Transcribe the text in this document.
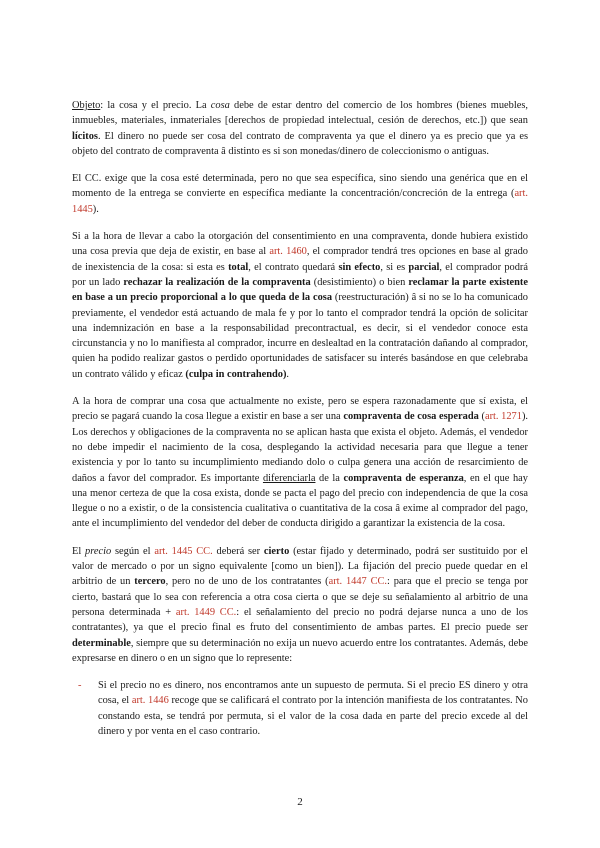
Objeto: la cosa y el precio. La cosa debe de estar dentro del comercio de los hombres (bienes muebles, inmuebles, materiales, inmateriales [derechos de propiedad intelectual, cesión de derechos, etc.]) que sean lícitos. El dinero no puede ser cosa del contrato de compraventa ya que el dinero ya es precio que ya es objeto del contrato de compraventa â distinto es si son monedas/dinero de coleccionismo o antiguas.

El CC. exige que la cosa esté determinada, pero no que sea específica, sino siendo una genérica que en el momento de la entrega se convierte en específica mediante la concentración/concreción de la entrega (art. 1445).

Si a la hora de llevar a cabo la otorgación del consentimiento en una compraventa, donde hubiera existido una cosa previa que deja de existir, en base al art. 1460, el comprador tendrá tres opciones en base al grado de inexistencia de la cosa: si esta es total, el contrato quedará sin efecto, si es parcial, el comprador podrá por un lado rechazar la realización de la compraventa (desistimiento) o bien reclamar la parte existente en base a un precio proporcional a lo que queda de la cosa (reestructuración) â si no se lo ha comunicado previamente, el vendedor está actuando de mala fe y por lo tanto el comprador tendrá la opción de solicitar una indemnización en base a la responsabilidad precontractual, es decir, si el vendedor conoce esta circunstancia y no lo manifiesta al comprador, incurre en deslealtad en la contratación dañando al comprador, quien ha podido realizar gastos o perdido oportunidades de satisfacer su interés basándose en que celebraba un contrato válido y eficaz (culpa in contrahendo).

A la hora de comprar una cosa que actualmente no existe, pero se espera razonadamente que sí exista, el precio se pagará cuando la cosa llegue a existir en base a ser una compraventa de cosa esperada (art. 1271). Los derechos y obligaciones de la compraventa no se aplican hasta que exista el objeto. Además, el vendedor no debe impedir el nacimiento de la cosa, desplegando la actividad necesaria para que llegue a tener existencia y por lo tanto su incumplimiento mediando dolo o culpa genera una acción de resarcimiento de daños a favor del comprador. Es importante diferenciarla de la compraventa de esperanza, en el que hay una menor certeza de que la cosa exista, donde se pacta el pago del precio con independencia de que la cosa llegue o no a existir, o de la consistencia cualitativa o cuantitativa de la cosa â exime al comprador del pago, ante el incumplimiento del vendedor del deber de conducta dirigido a garantizar la existencia de la cosa.

El precio según el art. 1445 CC. deberá ser cierto (estar fijado y determinado, podrá ser sustituido por el valor de mercado o por un signo equivalente [como un bien]). La fijación del precio puede quedar en el arbitrio de un tercero, pero no de uno de los contratantes (art. 1447 CC.: para que el precio se tenga por cierto, bastará que lo sea con referencia a otra cosa cierta o que se deje su señalamiento al arbitrio de una persona determinada + art. 1449 CC.: el señalamiento del precio no podrá dejarse nunca a uno de los contratantes), ya que el precio final es fruto del consentimiento de ambas partes. El precio puede ser determinable, siempre que su determinación no exija un nuevo acuerdo entre los contratantes. Además, debe expresarse en dinero o en un signo que lo represente:

- Si el precio no es dinero, nos encontramos ante un supuesto de permuta. Si el precio ES dinero y otra cosa, el art. 1446 recoge que se calificará el contrato por la intención manifiesta de los contratantes. No constando esta, se tendrá por permuta, si el valor de la cosa dada en parte del precio excede al del dinero y por venta en el caso contrario.
2
